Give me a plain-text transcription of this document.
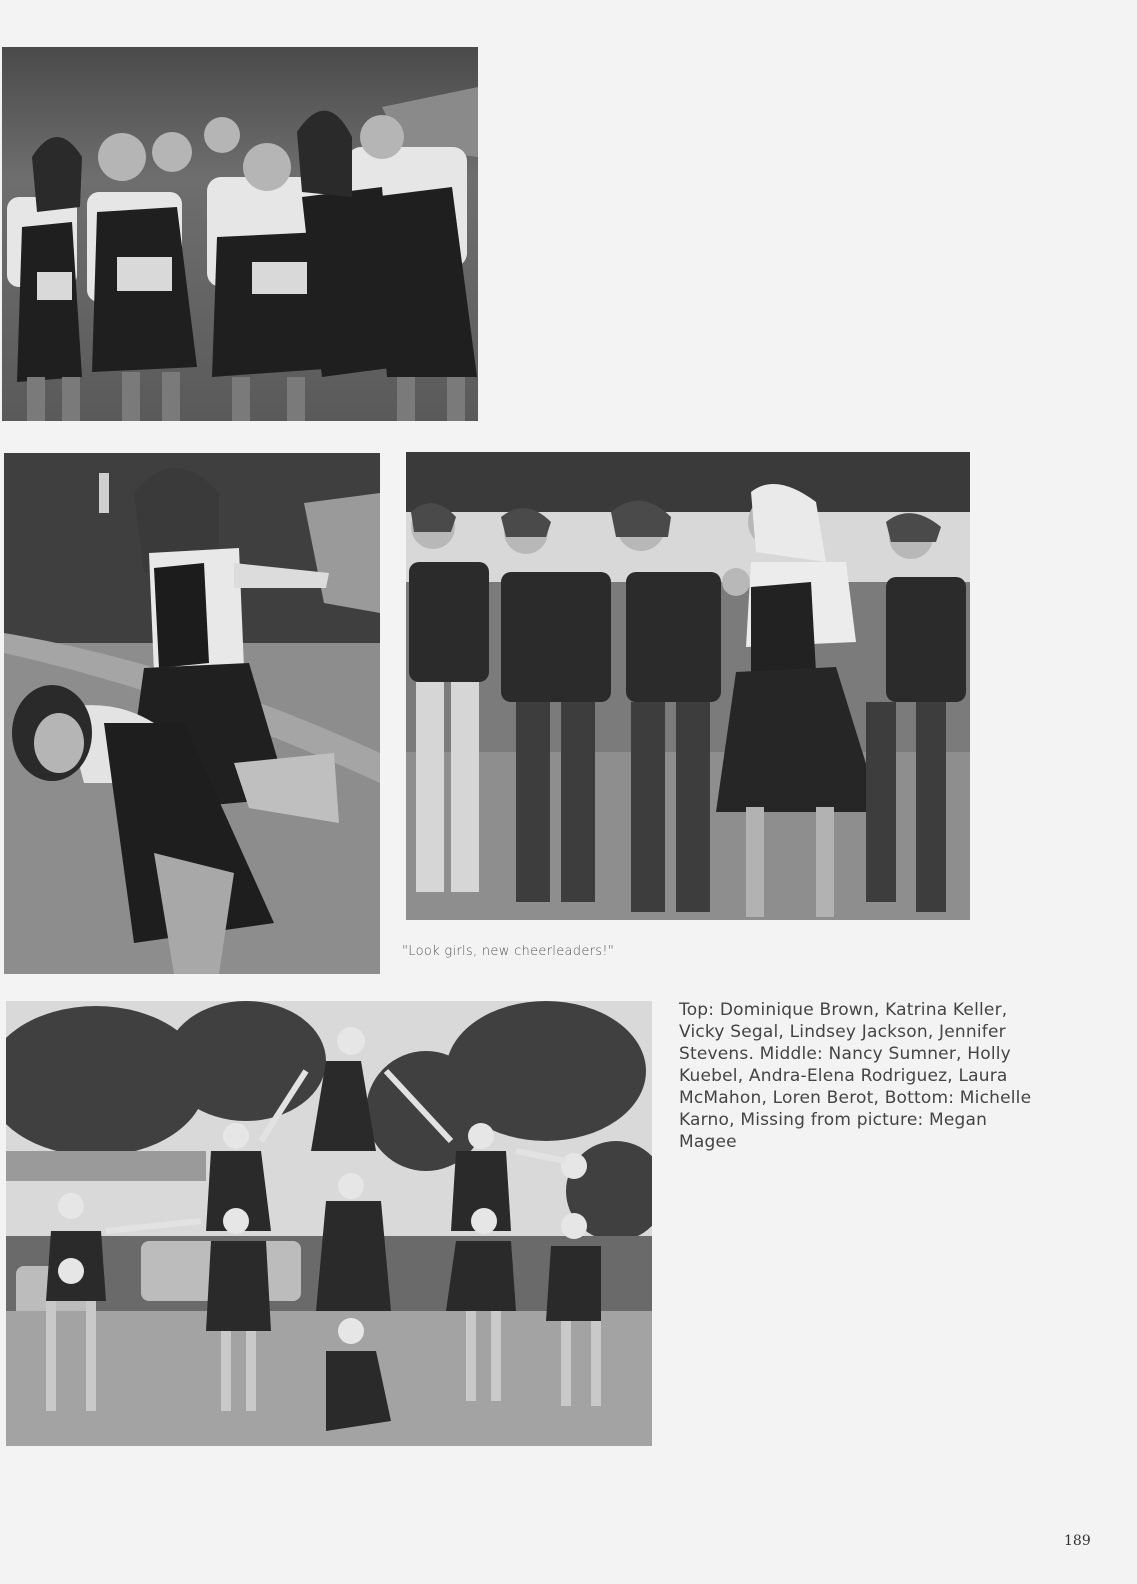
"Look girls, new cheerleaders!"
Top: Dominique Brown, Katrina Keller, Vicky Segal, Lindsey Jackson, Jennifer Stevens. Middle: Nancy Sumner, Holly Kuebel, Andra-Elena Rodriguez, Laura McMahon, Loren Berot, Bottom: Michelle Karno, Missing from picture: Megan Magee
189
